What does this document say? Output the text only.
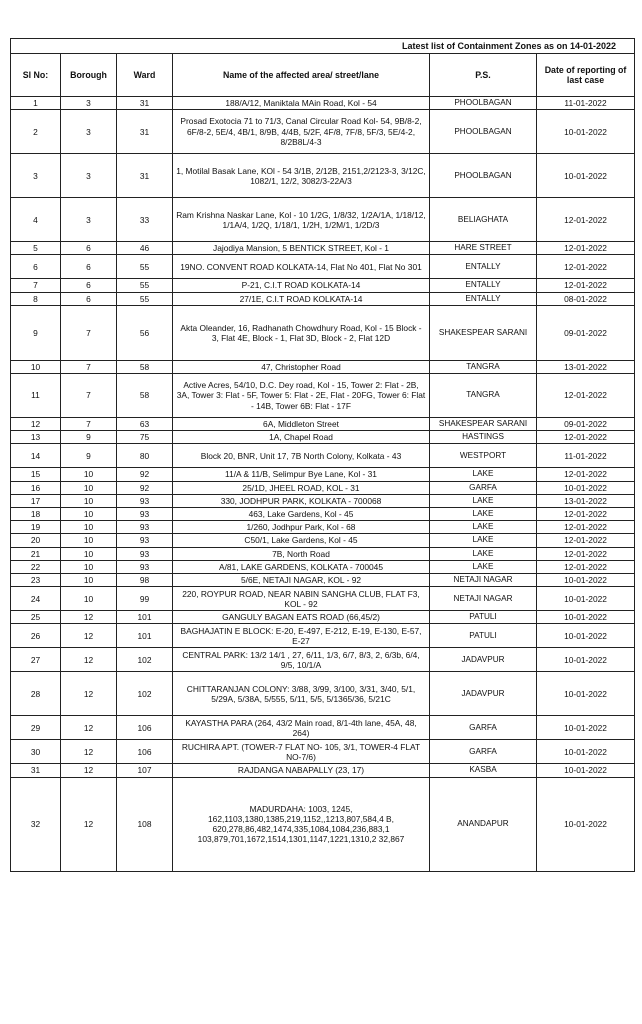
Latest list of Containment Zones as on 14-01-2022					
Sl No:	Borough	Ward	Name of the affected area/ street/lane	P.S.	Date of reporting of last case
1	3	31	188/A/12, Maniktala MAin Road, Kol - 54	PHOOLBAGAN	11-01-2022
2	3	31	Prosad Exotocia 71 to 71/3, Canal Circular Road Kol- 54, 9B/8-2, 6F/8-2, 5E/4, 4B/1, 8/9B, 4/4B, 5/2F, 4F/8, 7F/8, 5F/3, 5E/4-2, 8/2B8L/4-3	PHOOLBAGAN	10-01-2022
3	3	31	1, Motilal Basak Lane, KOl - 54 3/1B, 2/12B, 2151,2/2123-3, 3/12C, 1082/1, 12/2, 3082/3-22A/3	PHOOLBAGAN	10-01-2022
4	3	33	Ram Krishna Naskar Lane, Kol - 10 1/2G, 1/8/32, 1/2A/1A, 1/18/12, 1/1A/4, 1/2Q, 1/18/1, 1/2H, 1/2M/1, 1/2D/3	BELIAGHATA	12-01-2022
5	6	46	Jajodiya Mansion, 5 BENTICK STREET, Kol - 1	HARE STREET	12-01-2022
6	6	55	19NO. CONVENT ROAD KOLKATA-14, Flat No 401, Flat No 301	ENTALLY	12-01-2022
7	6	55	P-21, C.I.T ROAD KOLKATA-14	ENTALLY	12-01-2022
8	6	55	27/1E, C.I.T ROAD KOLKATA-14	ENTALLY	08-01-2022
9	7	56	Akta Oleander, 16, Radhanath Chowdhury Road, Kol - 15 Block - 3, Flat 4E, Block - 1, Flat 3D, Block - 2, Flat 12D	SHAKESPEAR SARANI	09-01-2022
10	7	58	47, Christopher Road	TANGRA	13-01-2022
11	7	58	Active Acres, 54/10, D.C. Dey road, Kol - 15, Tower 2: Flat - 2B, 3A, Tower 3: Flat - 5F, Tower 5: Flat - 2E, Flat - 20FG, Tower 6: Flat - 14B, Tower 6B: Flat - 17F	TANGRA	12-01-2022
12	7	63	6A, Middleton Street	SHAKESPEAR SARANI	09-01-2022
13	9	75	1A, Chapel Road	HASTINGS	12-01-2022
14	9	80	Block 20, BNR, Unit 17, 7B North Colony, Kolkata - 43	WESTPORT	11-01-2022
15	10	92	11/A & 11/B, Selimpur Bye Lane, Kol - 31	LAKE	12-01-2022
16	10	92	25/1D, JHEEL ROAD, KOL - 31	GARFA	10-01-2022
17	10	93	330, JODHPUR PARK, KOLKATA - 700068	LAKE	13-01-2022
18	10	93	463, Lake Gardens, Kol - 45	LAKE	12-01-2022
19	10	93	1/260, Jodhpur Park, Kol - 68	LAKE	12-01-2022
20	10	93	C50/1, Lake Gardens, Kol - 45	LAKE	12-01-2022
21	10	93	7B, North Road	LAKE	12-01-2022
22	10	93	A/81, LAKE GARDENS, KOLKATA - 700045	LAKE	12-01-2022
23	10	98	5/6E, NETAJI NAGAR, KOL - 92	NETAJI NAGAR	10-01-2022
24	10	99	220, ROYPUR ROAD, NEAR NABIN SANGHA CLUB, FLAT F3, KOL - 92	NETAJI NAGAR	10-01-2022
25	12	101	GANGULY BAGAN EATS ROAD (66,45/2)	PATULI	10-01-2022
26	12	101	BAGHAJATIN E BLOCK: E-20, E-497, E-212, E-19, E-130, E-57, E-27	PATULI	10-01-2022
27	12	102	CENTRAL PARK: 13/2 14/1 , 27, 6/11, 1/3, 6/7, 8/3, 2, 6/3b, 6/4, 9/5, 10/1/A	JADAVPUR	10-01-2022
28	12	102	CHITTARANJAN COLONY: 3/88, 3/99, 3/100, 3/31, 3/40, 5/1, 5/29A, 5/38A, 5/555, 5/11, 5/5, 5/1365/36, 5/21C	JADAVPUR	10-01-2022
29	12	106	KAYASTHA PARA (264, 43/2 Main road, 8/1-4th lane, 45A, 48, 264)	GARFA	10-01-2022
30	12	106	RUCHIRA APT. (TOWER-7 FLAT NO- 105, 3/1, TOWER-4 FLAT NO-7/6)	GARFA	10-01-2022
31	12	107	RAJDANGA NABAPALLY (23, 17)	KASBA	10-01-2022
32	12	108	MADURDAHA: 1003, 1245, 162,1103,1380,1385,219,1152,,1213,807,584,4 B, 620,278,86,482,1474,335,1084,1084,236,883,1 103,879,701,1672,1514,1301,1147,1221,1310,2 32,867	ANANDAPUR	10-01-2022
